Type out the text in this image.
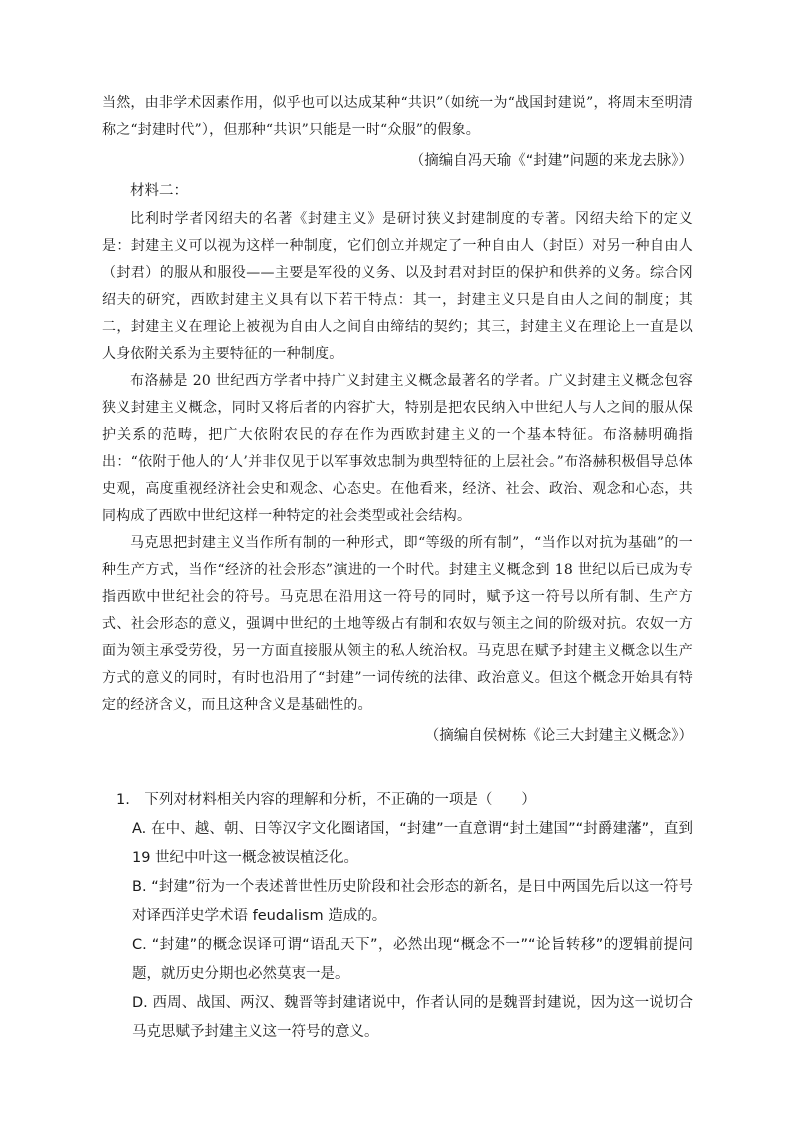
当然，由非学术因素作用，似乎也可以达成某种“共识”（如统一为“战国封建说”，将周末至明清称之“封建时代”），但那种“共识”只能是一时“众服”的假象。

（摘编自冯天瑜《“封建”问题的来龙去脉》）

材料二：

比利时学者冈绍夫的名著《封建主义》是研讨狭义封建制度的专著。冈绍夫给下的定义是：封建主义可以视为这样一种制度，它们创立并规定了一种自由人（封臣）对另一种自由人（封君）的服从和服役——主要是军役的义务、以及封君对封臣的保护和供养的义务。综合冈绍夫的研究，西欧封建主义具有以下若干特点：其一，封建主义只是自由人之间的制度；其二，封建主义在理论上被视为自由人之间自由缔结的契约；其三，封建主义在理论上一直是以人身依附关系为主要特征的一种制度。

布洛赫是 20 世纪西方学者中持广义封建主义概念最著名的学者。广义封建主义概念包容狭义封建主义概念，同时又将后者的内容扩大，特别是把农民纳入中世纪人与人之间的服从保护关系的范畴，把广大依附农民的存在作为西欧封建主义的一个基本特征。布洛赫明确指出：“依附于他人的‘人’并非仅见于以军事效忠制为典型特征的上层社会。”布洛赫积极倡导总体史观，高度重视经济社会史和观念、心态史。在他看来，经济、社会、政治、观念和心态，共同构成了西欧中世纪这样一种特定的社会类型或社会结构。

马克思把封建主义当作所有制的一种形式，即“等级的所有制”，“当作以对抗为基础”的一种生产方式，当作“经济的社会形态”演进的一个时代。封建主义概念到 18 世纪以后已成为专指西欧中世纪社会的符号。马克思在沿用这一符号的同时，赋予这一符号以所有制、生产方式、社会形态的意义，强调中世纪的土地等级占有制和农奴与领主之间的阶级对抗。农奴一方面为领主承受劳役，另一方面直接服从领主的私人统治权。马克思在赋予封建主义概念以生产方式的意义的同时，有时也沿用了“封建”一词传统的法律、政治意义。但这个概念开始具有特定的经济含义，而且这种含义是基础性的。

（摘编自侯树栋《论三大封建主义概念》）

1.　下列对材料相关内容的理解和分析，不正确的一项是（　　）

A. 在中、越、朝、日等汉字文化圈诸国，“封建”一直意谓“封土建国”“封爵建藩”，直到 19 世纪中叶这一概念被误植泛化。

B. “封建”衍为一个表述普世性历史阶段和社会形态的新名，是日中两国先后以这一符号对译西洋史学术语 feudalism 造成的。

C. “封建”的概念误译可谓“语乱天下”，必然出现“概念不一”“论旨转移”的逻辑前提问题，就历史分期也必然莫衷一是。

D. 西周、战国、两汉、魏晋等封建诸说中，作者认同的是魏晋封建说，因为这一说切合马克思赋予封建主义这一符号的意义。
